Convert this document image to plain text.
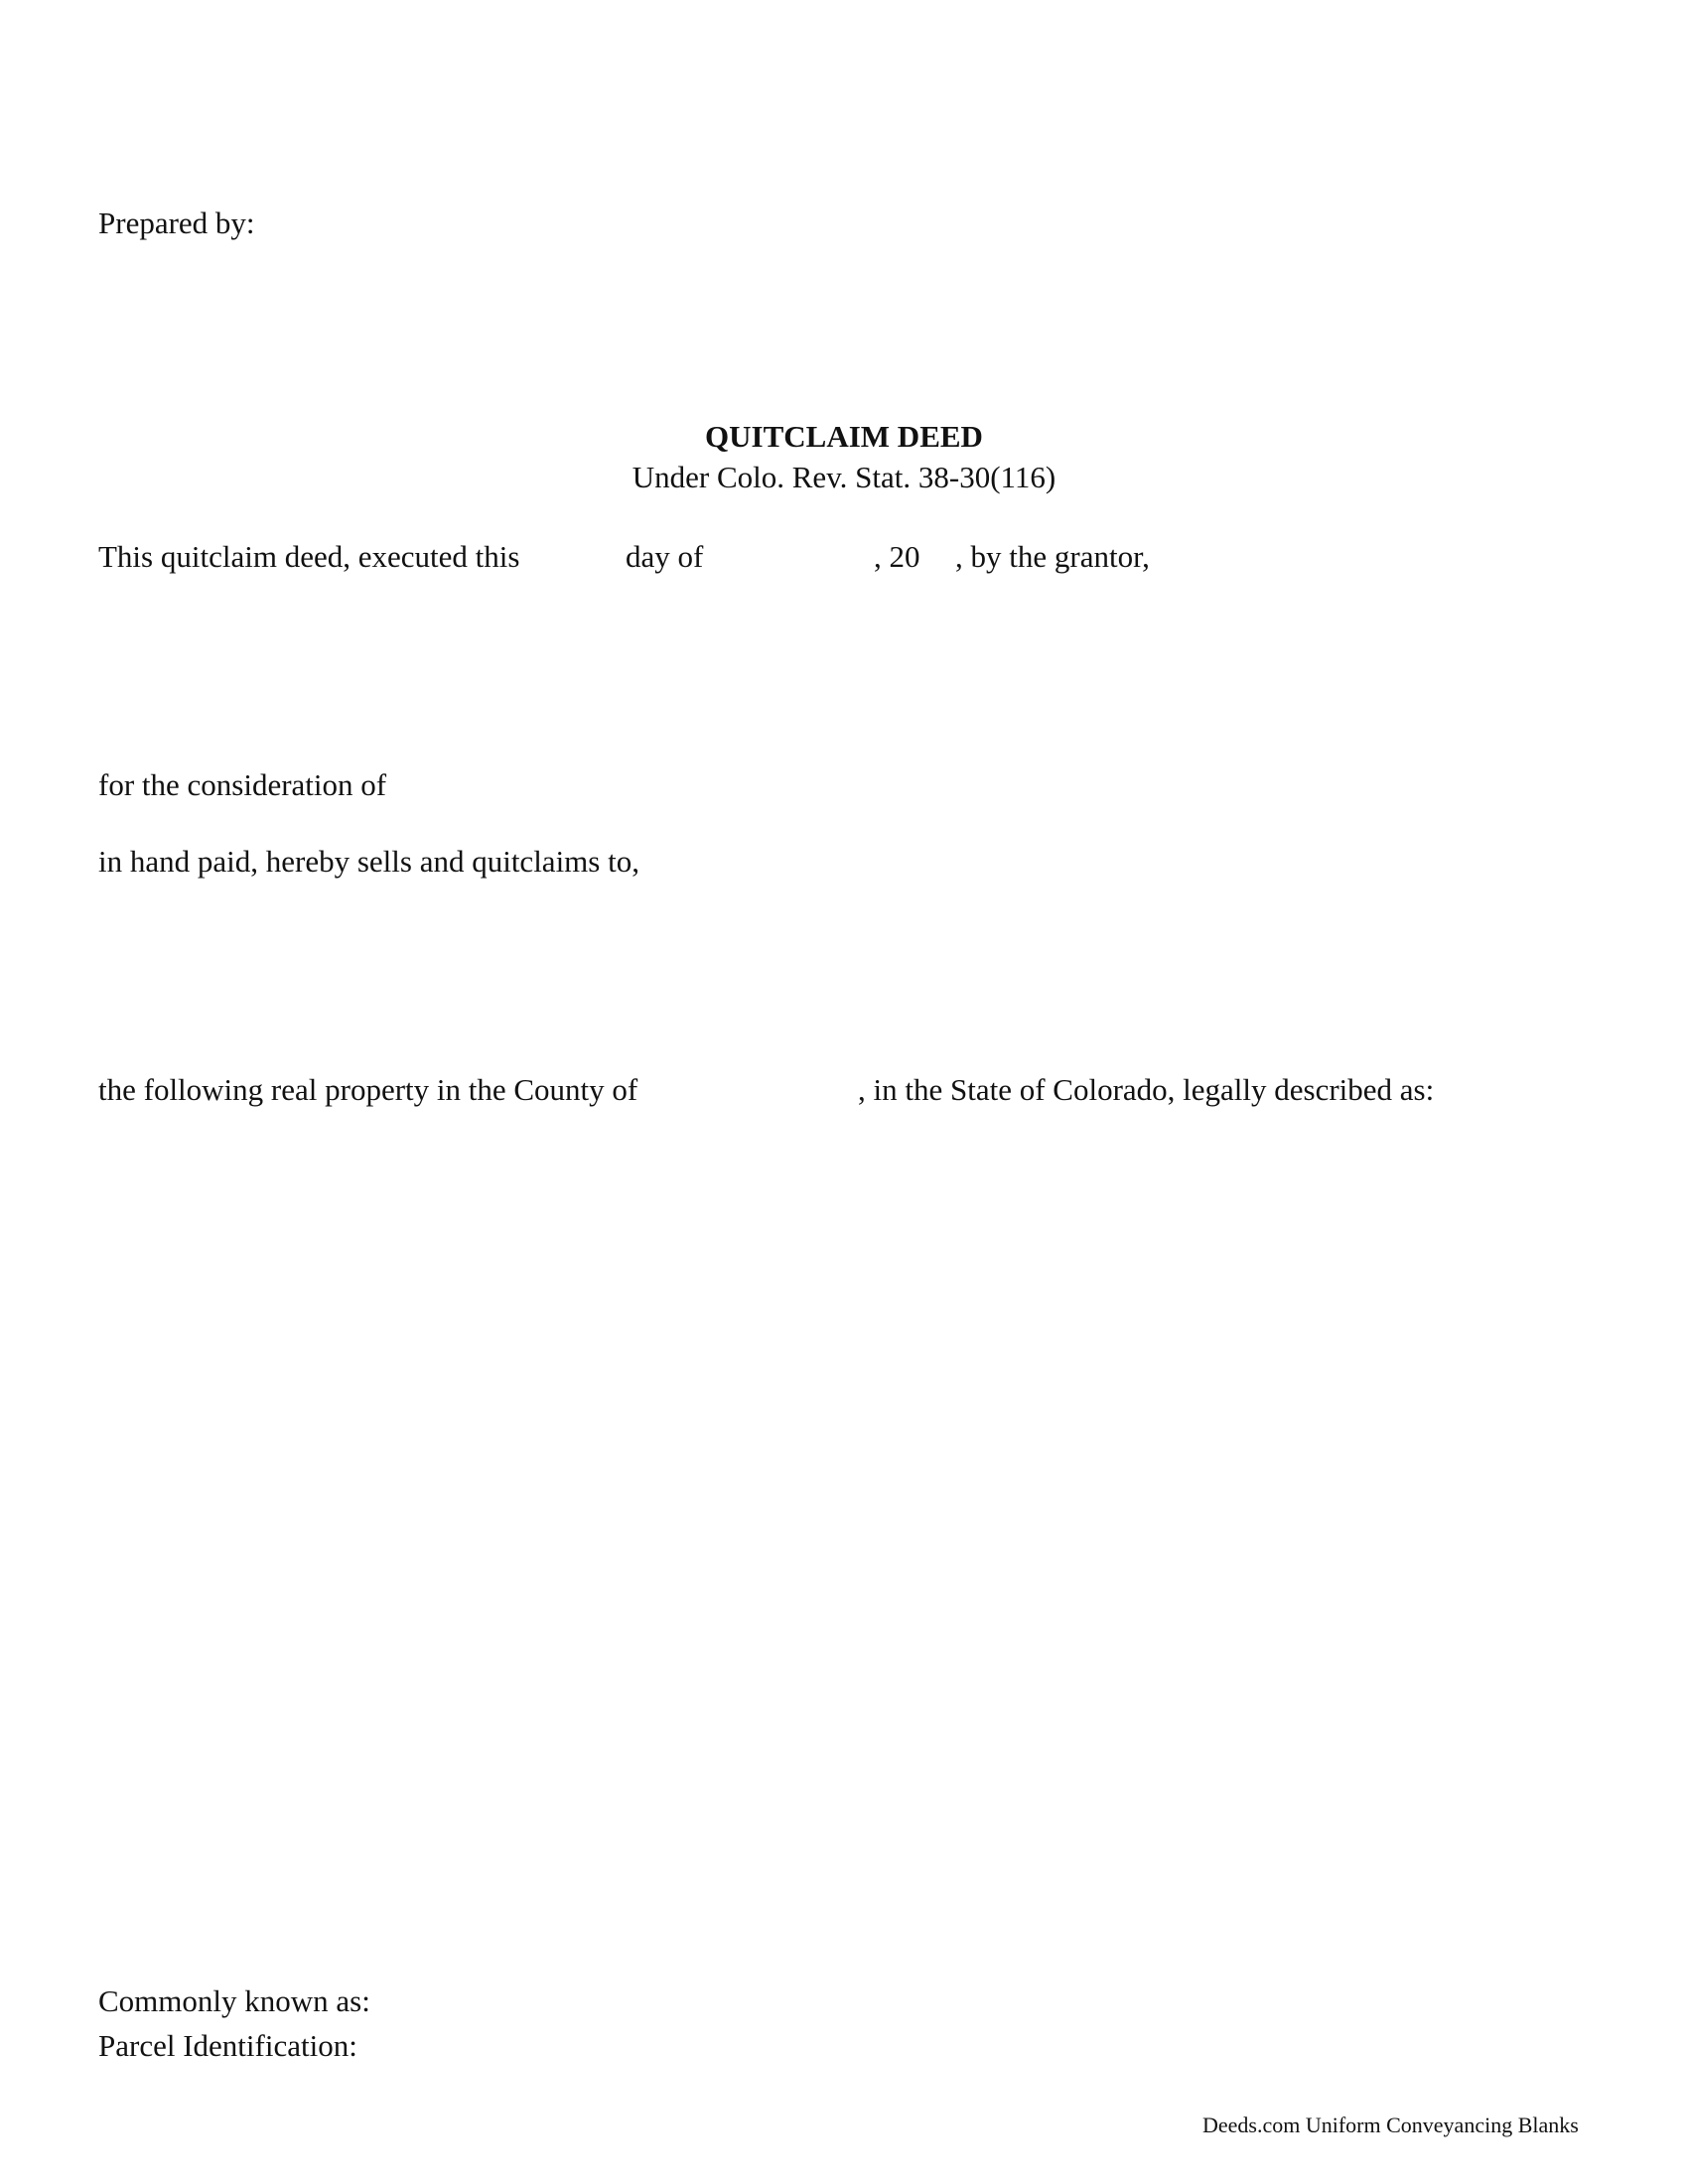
Prepared by:
QUITCLAIM DEED
Under Colo. Rev. Stat. 38-30(116)
This quitclaim deed, executed this	day of	, 20 , by the grantor,
for the consideration of
in hand paid, hereby sells and quitclaims to,
the following real property in the County of	, in the State of Colorado, legally described as:
Commonly known as:
Parcel Identification:
Deeds.com Uniform Conveyancing Blanks
